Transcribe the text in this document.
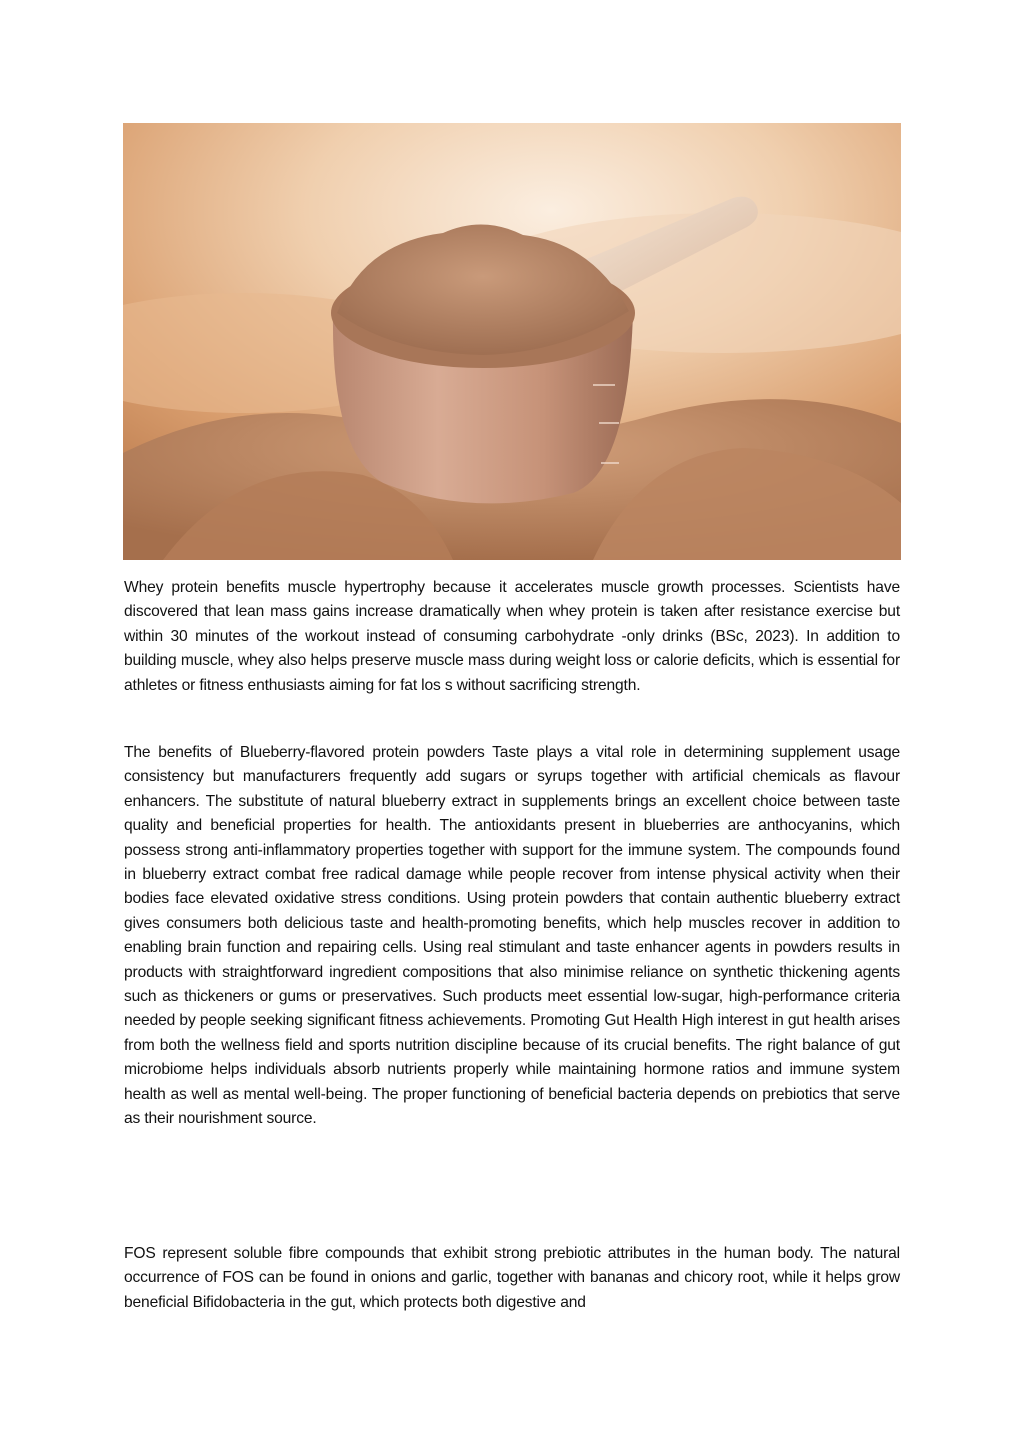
Whey protein benefits muscle hypertrophy because it accelerates muscle growth processes. Scientists have discovered that lean mass gains increase dramatically when whey protein is taken after resistance exercise but within 30 minutes of the workout instead of consuming carbohydrate -only drinks (BSc, 2023). In addition to building muscle, whey also helps preserve muscle mass during weight loss or calorie deficits, which is essential for athletes or fitness enthusiasts aiming for fat los s without sacrificing strength.

The benefits of Blueberry-flavored protein powders Taste plays a vital role in determining supplement usage consistency but manufacturers frequently add sugars or syrups together with artificial chemicals as flavour enhancers. The substitute of natural blueberry extract in supplements brings an excellent choice between taste quality and beneficial properties for health. The antioxidants present in blueberries are anthocyanins, which possess strong anti-inflammatory properties together with support for the immune system. The compounds found in blueberry extract combat free radical damage while people recover from intense physical activity when their bodies face elevated oxidative stress conditions. Using protein powders that contain authentic blueberry extract gives consumers both delicious taste and health-promoting benefits, which help muscles recover in addition to enabling brain function and repairing cells. Using real stimulant and taste enhancer agents in powders results in products with straightforward ingredient compositions that also minimise reliance on synthetic thickening agents such as thickeners or gums or preservatives. Such products meet essential low-sugar, high-performance criteria needed by people seeking significant fitness achievements. Promoting Gut Health High interest in gut health arises from both the wellness field and sports nutrition discipline because of its crucial benefits. The right balance of gut microbiome helps individuals absorb nutrients properly while maintaining hormone ratios and immune system health as well as mental well-being. The proper functioning of beneficial bacteria depends on prebiotics that serve as their nourishment source.

FOS represent soluble fibre compounds that exhibit strong prebiotic attributes in the human body. The natural occurrence of FOS can be found in onions and garlic, together with bananas and chicory root, while it helps grow beneficial Bifidobacteria in the gut, which protects both digestive and
